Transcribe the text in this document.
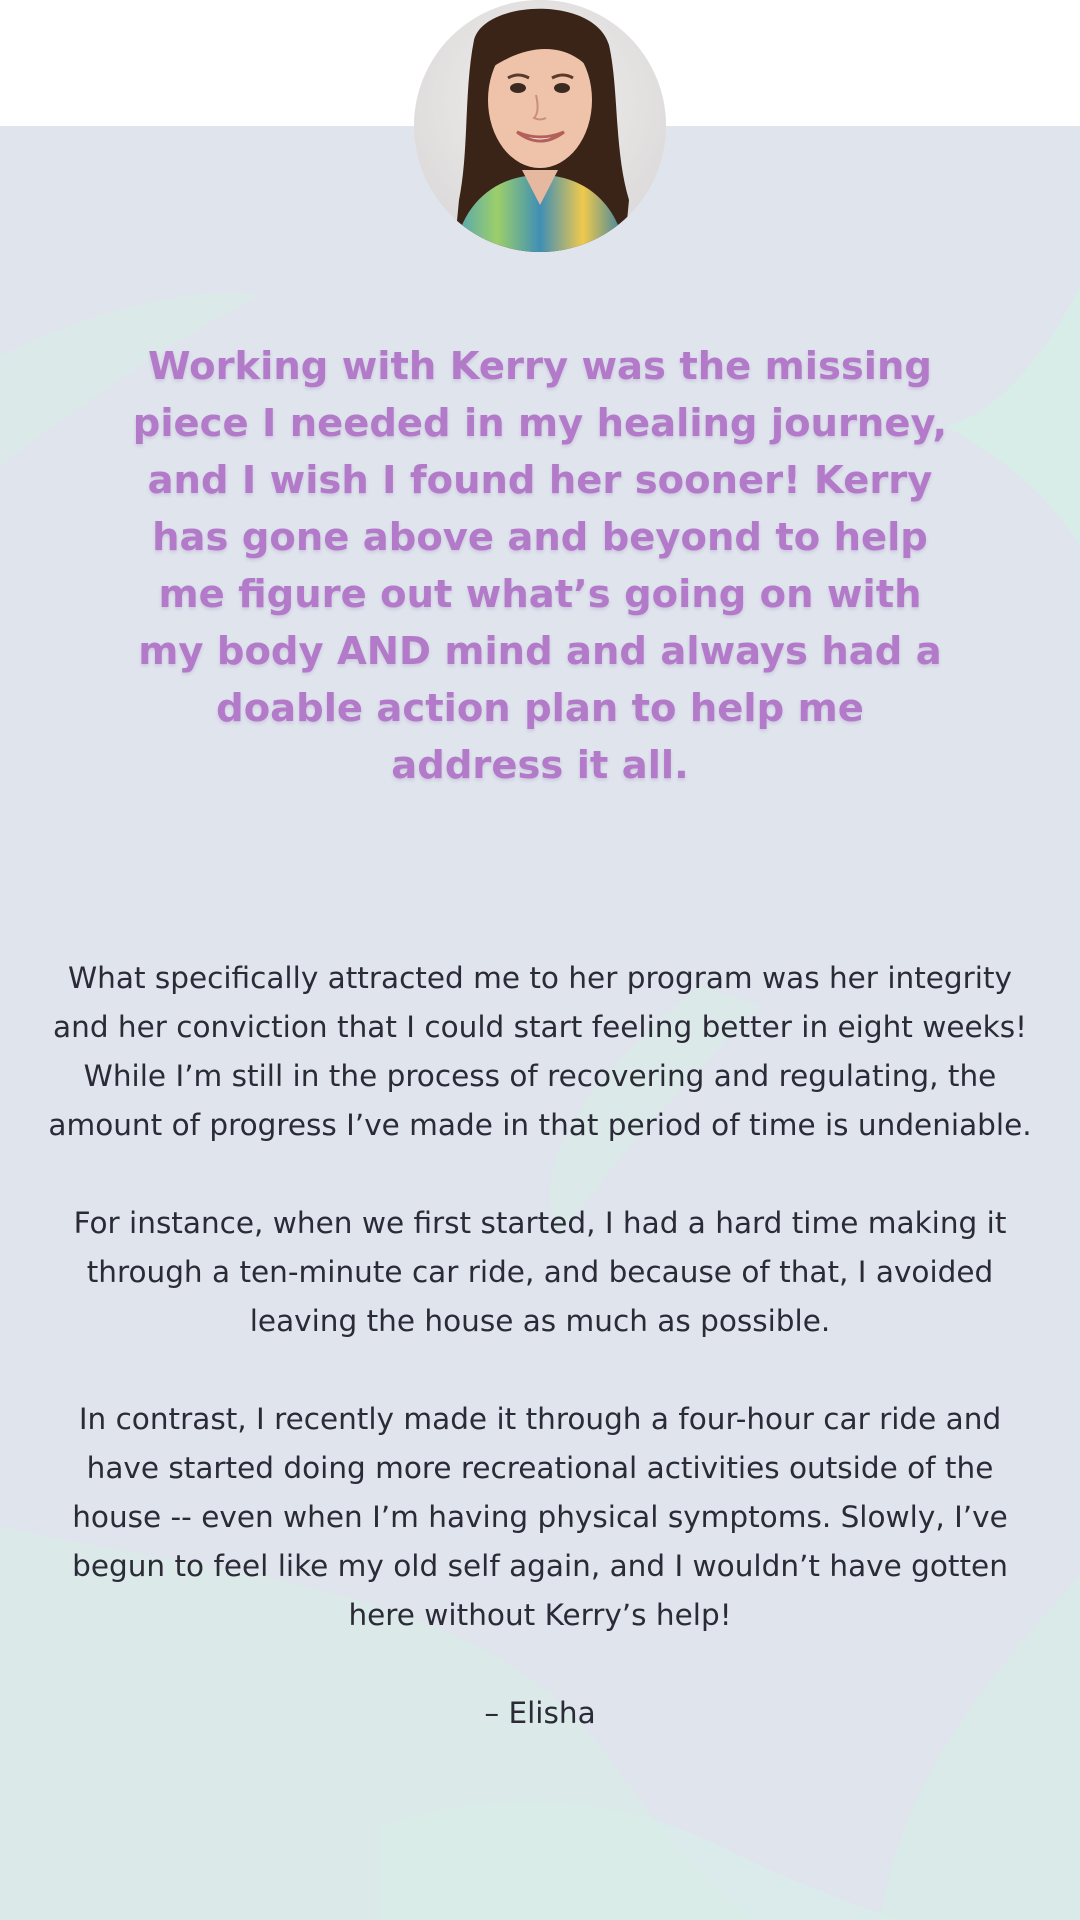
Working with Kerry was the missing piece I needed in my healing journey, and I wish I found her sooner! Kerry has gone above and beyond to help me figure out what’s going on with my body AND mind and always had a doable action plan to help me address it all.

What specifically attracted me to her program was her integrity and her conviction that I could start feeling better in eight weeks! While I’m still in the process of recovering and regulating, the amount of progress I’ve made in that period of time is undeniable.

For instance, when we first started, I had a hard time making it through a ten-minute car ride, and because of that, I avoided leaving the house as much as possible.

In contrast, I recently made it through a four-hour car ride and have started doing more recreational activities outside of the house -- even when I’m having physical symptoms. Slowly, I’ve begun to feel like my old self again, and I wouldn’t have gotten here without Kerry’s help!

– Elisha
